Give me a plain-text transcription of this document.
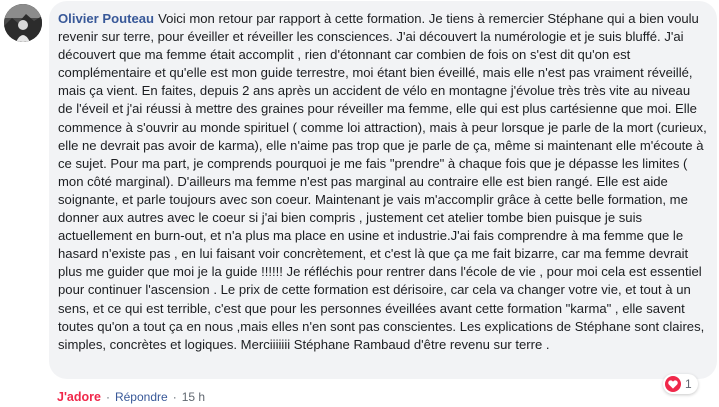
Olivier Pouteau Voici mon retour par rapport à cette formation. Je tiens à remercier Stéphane qui a bien voulu revenir sur terre, pour éveiller et réveiller les consciences. J'ai découvert la numérologie et je suis bluffé. J'ai découvert que ma femme était accomplit , rien d'étonnant car combien de fois on s'est dit qu'on est complémentaire et qu'elle est mon guide terrestre, moi étant bien éveillé, mais elle n'est pas vraiment réveillé, mais ça vient. En faites, depuis 2 ans après un accident de vélo en montagne j'évolue très très vite au niveau de l'éveil et j'ai réussi à mettre des graines pour réveiller ma femme, elle qui est plus cartésienne que moi. Elle commence à s'ouvrir au monde spirituel ( comme loi attraction), mais à peur lorsque je parle de la mort (curieux, elle ne devrait pas avoir de karma), elle n'aime pas trop que je parle de ça, même si maintenant elle m'écoute à ce sujet. Pour ma part, je comprends pourquoi je me fais "prendre" à chaque fois que je dépasse les limites ( mon côté marginal). D'ailleurs ma femme n'est pas marginal au contraire elle est bien rangé. Elle est aide soignante, et parle toujours avec son coeur. Maintenant je vais m'accomplir grâce à cette belle formation, me donner aux autres avec le coeur si j'ai bien compris , justement cet atelier tombe bien puisque je suis actuellement en burn-out, et n'a plus ma place en usine et industrie.J'ai fais comprendre à ma femme que le hasard n'existe pas , en lui faisant voir concrètement, et c'est là que ça me fait bizarre, car ma femme devrait plus me guider que moi je la guide !!!!!! Je réfléchis pour rentrer dans l'école de vie , pour moi cela est essentiel pour continuer l'ascension . Le prix de cette formation est dérisoire, car cela va changer votre vie, et tout à un sens, et ce qui est terrible, c'est que pour les personnes éveillées avant cette formation "karma" , elle savent toutes qu'on a tout ça en nous ,mais elles n'en sont pas conscientes. Les explications de Stéphane sont claires, simples, concrètes et logiques. Merciiiiiii Stéphane Rambaud d'être revenu sur terre .

1
J'adore · Répondre · 15 h
